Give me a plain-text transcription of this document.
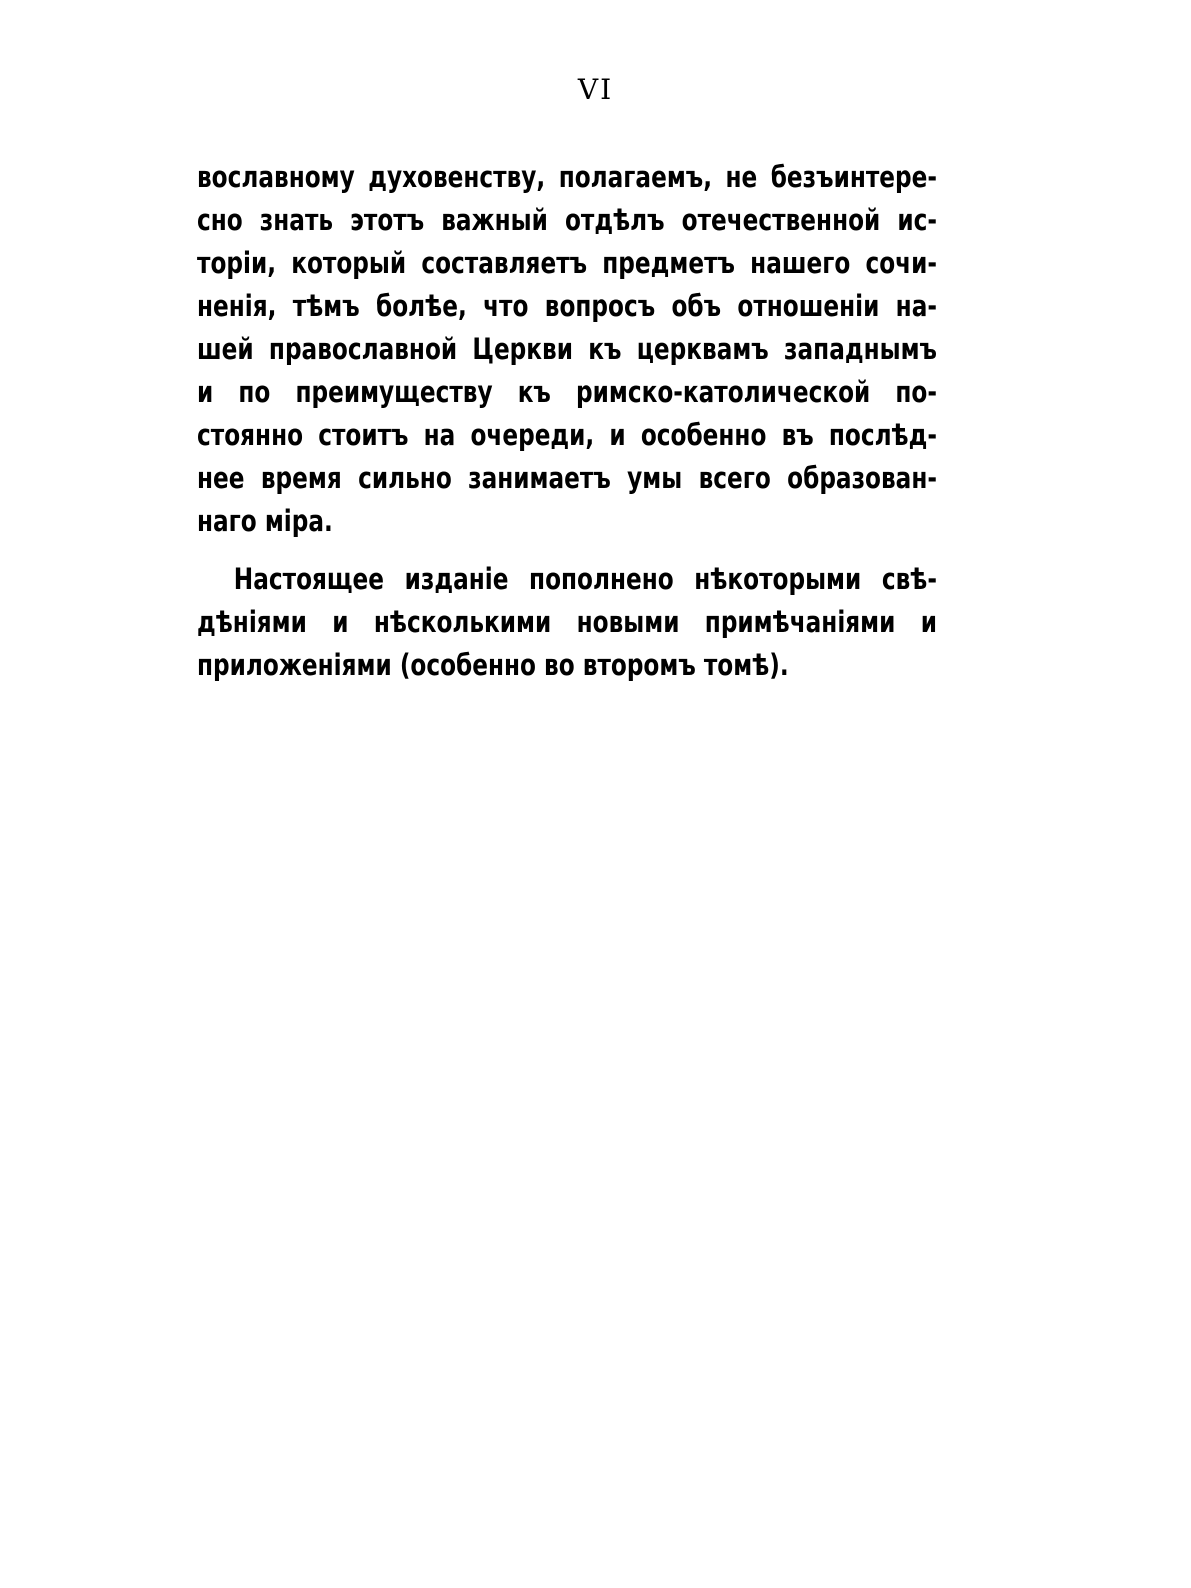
VI
вославному духовенству, полагаемъ, не безъинтере-
сно знать этотъ важный отдѣлъ отечественной ис-
торіи, который составляетъ предметъ нашего сочи-
ненія, тѣмъ болѣе, что вопросъ объ отношеніи на-
шей православной Церкви къ церквамъ западнымъ
и по преимуществу къ римско-католической по-
стоянно стоитъ на очереди, и особенно въ послѣд-
нее время сильно занимаетъ умы всего образован-
наго міра.
Настоящее изданіе пополнено нѣкоторыми свѣ-
дѣніями и нѣсколькими новыми примѣчаніями и
приложеніями (особенно во второмъ томѣ).
